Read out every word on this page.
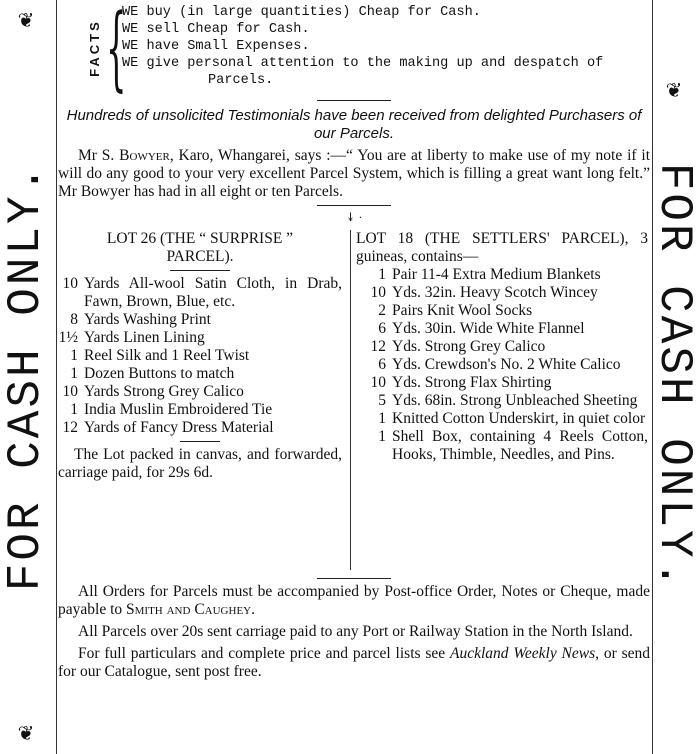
❦
FOR CASH ONLY.
❦
❦
FOR CASH ONLY.
FACTS {
WE buy (in large quantities) Cheap for Cash.
WE sell Cheap for Cash.
WE have Small Expenses.
WE give personal attention to the making up and despatch of
Parcels.
Hundreds of unsolicited Testimonials have been received from delighted Purchasers of our Parcels.

Mr S. Bowyer, Karo, Whangarei, says :—“ You are at liberty to make use of my note if it will do any good to your very excellent Parcel System, which is filling a great want long felt.” Mr Bowyer has had in all eight or ten Parcels.

↡ ·

LOT 26 (THE “ SURPRISE ” PARCEL).

10 Yards All-wool Satin Cloth, in Drab, Fawn, Brown, Blue, etc.
8 Yards Washing Print
1½ Yards Linen Lining
1 Reel Silk and 1 Reel Twist
1 Dozen Buttons to match
10 Yards Strong Grey Calico
1 India Muslin Embroidered Tie
12 Yards of Fancy Dress Material

The Lot packed in canvas, and forwarded, carriage paid, for 29s 6d.

LOT 18 (THE SETTLERS' PARCEL), 3 guineas, contains—

1 Pair 11-4 Extra Medium Blankets
10 Yds. 32in. Heavy Scotch Wincey
2 Pairs Knit Wool Socks
6 Yds. 30in. Wide White Flannel
12 Yds. Strong Grey Calico
6 Yds. Crewdson's No. 2 White Calico
10 Yds. Strong Flax Shirting
5 Yds. 68in. Strong Unbleached Sheeting
1 Knitted Cotton Underskirt, in quiet color
1 Shell Box, containing 4 Reels Cotton, Hooks, Thimble, Needles, and Pins.

All Orders for Parcels must be accompanied by Post-office Order, Notes or Cheque, made payable to Smith and Caughey.

All Parcels over 20s sent carriage paid to any Port or Railway Station in the North Island.

For full particulars and complete price and parcel lists see Auckland Weekly News, or send for our Catalogue, sent post free.
